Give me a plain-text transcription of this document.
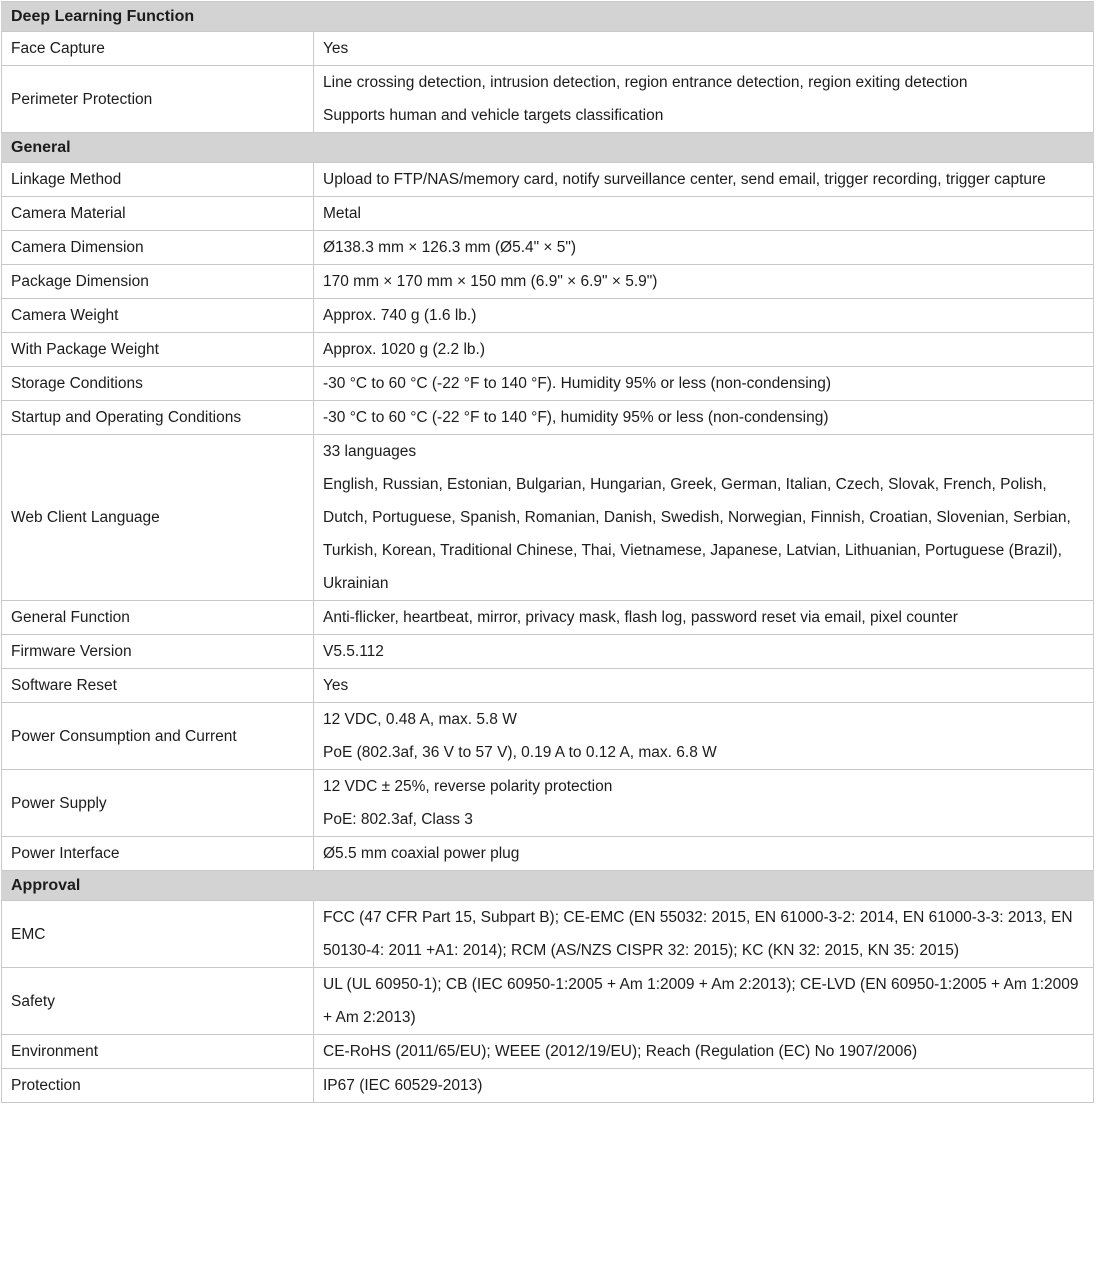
Deep Learning Function	
Face Capture	Yes

Perimeter Protection	Line crossing detection, intrusion detection, region entrance detection, region exiting detection
Supports human and vehicle targets classification

General	
Linkage Method	Upload to FTP/NAS/memory card, notify surveillance center, send email, trigger recording, trigger capture

Camera Material	Metal

Camera Dimension	Ø138.3 mm × 126.3 mm (Ø5.4" × 5")

Package Dimension	170 mm × 170 mm × 150 mm (6.9" × 6.9" × 5.9")

Camera Weight	Approx. 740 g (1.6 lb.)

With Package Weight	Approx. 1020 g (2.2 lb.)

Storage Conditions	-30 °C to 60 °C (-22 °F to 140 °F). Humidity 95% or less (non-condensing)

Startup and Operating Conditions	-30 °C to 60 °C (-22 °F to 140 °F), humidity 95% or less (non-condensing)

Web Client Language	33 languages
English, Russian, Estonian, Bulgarian, Hungarian, Greek, German, Italian, Czech, Slovak, French, Polish, Dutch, Portuguese, Spanish, Romanian, Danish, Swedish, Norwegian, Finnish, Croatian, Slovenian, Serbian, Turkish, Korean, Traditional Chinese, Thai, Vietnamese, Japanese, Latvian, Lithuanian, Portuguese (Brazil), Ukrainian

General Function	Anti-flicker, heartbeat, mirror, privacy mask, flash log, password reset via email, pixel counter

Firmware Version	V5.5.112

Software Reset	Yes

Power Consumption and Current	12 VDC, 0.48 A, max. 5.8 W
PoE (802.3af, 36 V to 57 V), 0.19 A to 0.12 A, max. 6.8 W

Power Supply	12 VDC ± 25%, reverse polarity protection
PoE: 802.3af, Class 3

Power Interface	Ø5.5 mm coaxial power plug

Approval	
EMC	FCC (47 CFR Part 15, Subpart B); CE-EMC (EN 55032: 2015, EN 61000-3-2: 2014, EN 61000-3-3: 2013, EN 50130-4: 2011 +A1: 2014); RCM (AS/NZS CISPR 32: 2015); KC (KN 32: 2015, KN 35: 2015)

Safety	UL (UL 60950-1); CB (IEC 60950-1:2005 + Am 1:2009 + Am 2:2013); CE-LVD (EN 60950-1:2005 + Am 1:2009 + Am 2:2013)

Environment	CE-RoHS (2011/65/EU); WEEE (2012/19/EU); Reach (Regulation (EC) No 1907/2006)

Protection	IP67 (IEC 60529-2013)
